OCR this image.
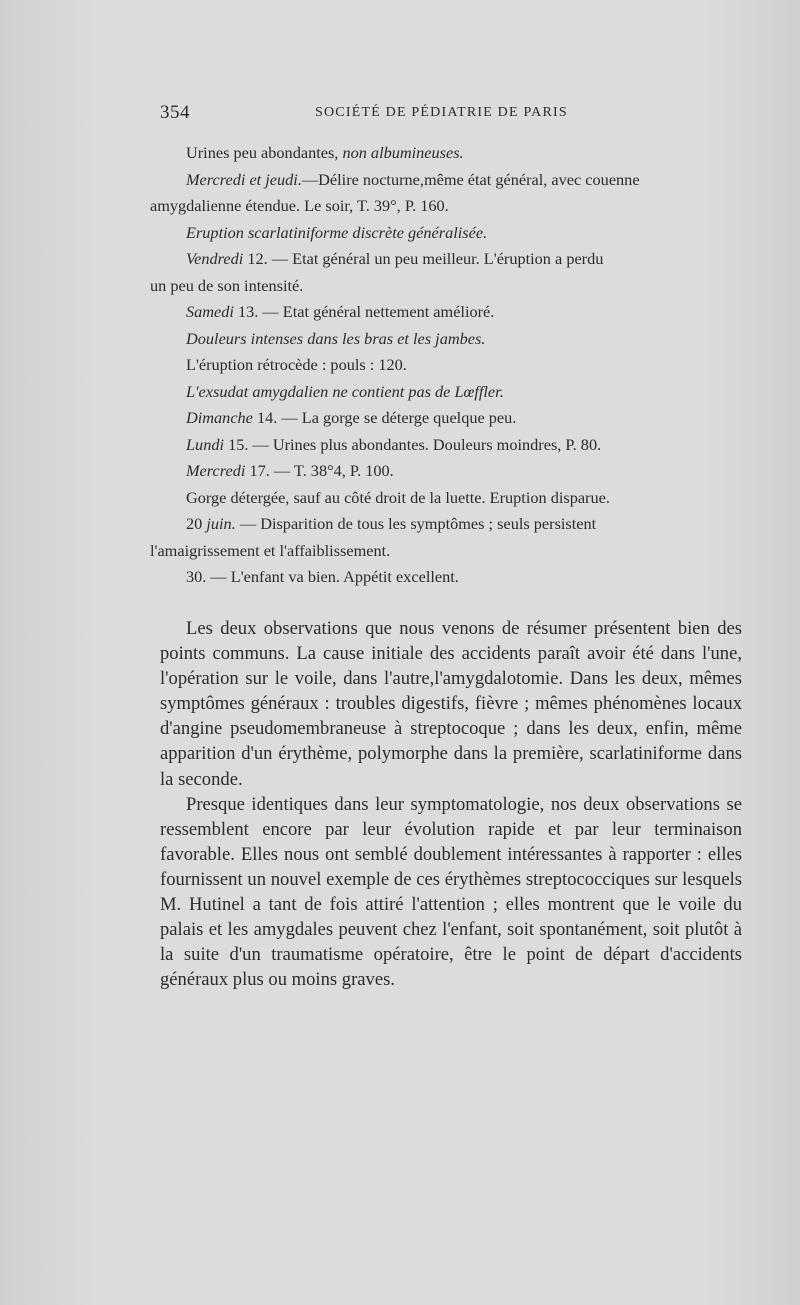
354	SOCIÉTÉ DE PÉDIATRIE DE PARIS

Urines peu abondantes, non albumineuses.

Mercredi et jeudi.—Délire nocturne,même état général, avec couenne

amygdalienne étendue. Le soir, T. 39°, P. 160.

Eruption scarlatiniforme discrète généralisée.

Vendredi 12. — Etat général un peu meilleur. L'éruption a perdu

un peu de son intensité.

Samedi 13. — Etat général nettement amélioré.

Douleurs intenses dans les bras et les jambes.

L'éruption rétrocède : pouls : 120.

L'exsudat amygdalien ne contient pas de Lœffler.

Dimanche 14. — La gorge se déterge quelque peu.

Lundi 15. — Urines plus abondantes. Douleurs moindres, P. 80.

Mercredi 17. — T. 38°4, P. 100.

Gorge détergée, sauf au côté droit de la luette. Eruption disparue.

20 juin. — Disparition de tous les symptômes ; seuls persistent

l'amaigrissement et l'affaiblissement.

30. — L'enfant va bien. Appétit excellent.

Les deux observations que nous venons de résumer présentent bien des points communs. La cause initiale des accidents paraît avoir été dans l'une, l'opération sur le voile, dans l'autre,l'amygdalotomie. Dans les deux, mêmes symptômes généraux : troubles digestifs, fièvre ; mêmes phénomènes locaux d'angine pseudomembraneuse à streptocoque ; dans les deux, enfin, même apparition d'un érythème, polymorphe dans la première, scarlatiniforme dans la seconde.

Presque identiques dans leur symptomatologie, nos deux observations se ressemblent encore par leur évolution rapide et par leur terminaison favorable. Elles nous ont semblé doublement intéressantes à rapporter : elles fournissent un nouvel exemple de ces érythèmes streptococciques sur lesquels M. Hutinel a tant de fois attiré l'attention ; elles montrent que le voile du palais et les amygdales peuvent chez l'enfant, soit spontanément, soit plutôt à la suite d'un traumatisme opératoire, être le point de départ d'accidents généraux plus ou moins graves.
